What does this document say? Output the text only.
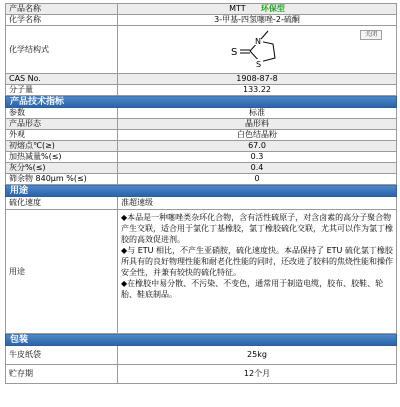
产品名称	MTT 环保型
化学名称	3-甲基-四氢噻唑-2-硫酮
化学结构式	S
N
S
关闭

CAS No.	1908-87-8
分子量	133.22
产品技术指标	
参数	标准
产品形态	晶形料
外观	白色结晶粉
初熔点℃(≥)	67.0
加热减量%(≤)	0.3
灰分%(≤)	0.4
筛余物 840μm %(≤)	0
用途	
硫化速度	准超速级
用途	◆本品是一种噻唑类杂环化合物，含有活性硫原子，对含卤素的高分子聚合物产生交联，适合用于氯化丁基橡胶，氯丁橡胶硫化交联，尤其可以作为氯丁橡胶的高效促进剂。
◆与 ETU 相比，不产生亚硝胺，硫化速度快。本品保持了 ETU 硫化氯丁橡胶所具有的良好物理性能和耐老化性能的同时，还改进了胶料的焦烧性能和操作安全性，并兼有较快的硫化特征。
◆在橡胶中易分散、不污染、不变色，通常用于制造电缆，胶布、胶鞋、轮胎、鞋底制品。

包装	
牛皮纸袋	25kg
贮存期	12个月
